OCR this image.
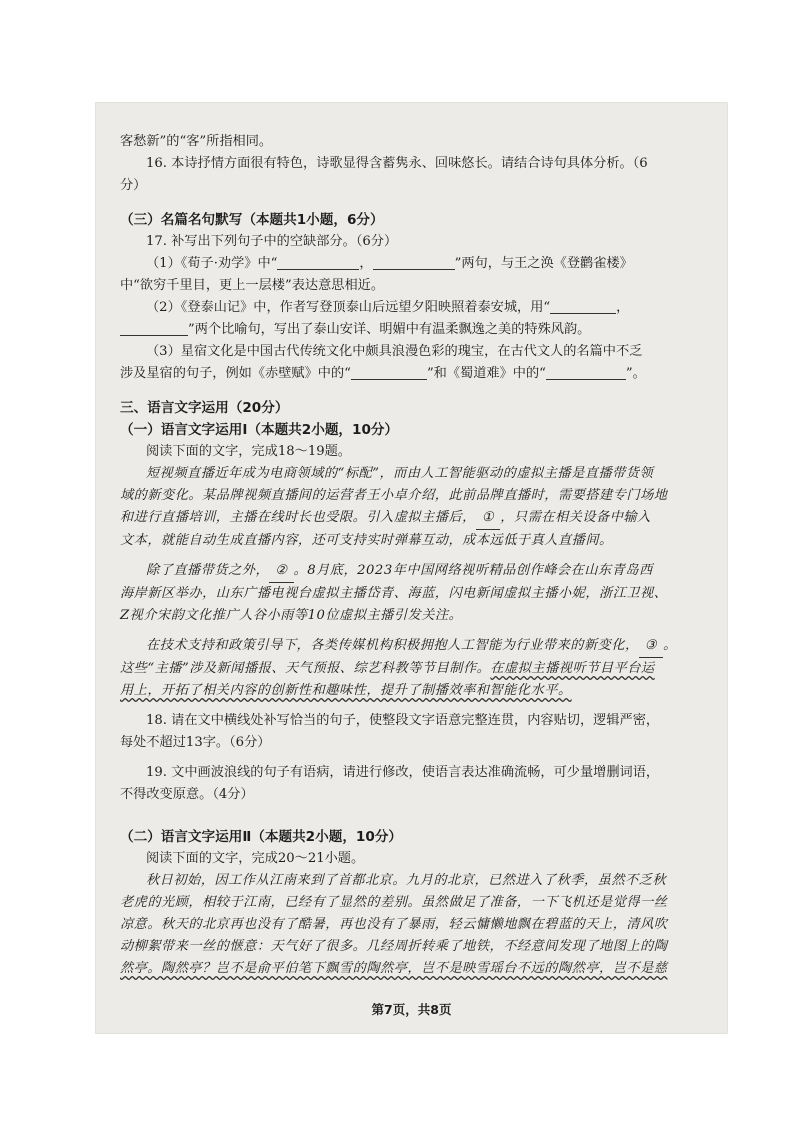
客愁新”的“客”所指相同。

16. 本诗抒情方面很有特色，诗歌显得含蓄隽永、回味悠长。请结合诗句具体分析。（6

分）

（三）名篇名句默写（本题共1小题，6分）

17. 补写出下列句子中的空缺部分。（6分）

（1）《荀子·劝学》中“	，	”两句，与王之涣《登鹳雀楼》

中“欲穷千里目，更上一层楼”表达意思相近。

（2）《登泰山记》中，作者写登顶泰山后远望夕阳映照着泰安城，用“	，

”两个比喻句，写出了泰山安详、明媚中有温柔飘逸之美的特殊风韵。

（3）星宿文化是中国古代传统文化中颇具浪漫色彩的瑰宝，在古代文人的名篇中不乏

涉及星宿的句子，例如《赤壁赋》中的“	”和《蜀道难》中的“	”。

三、语言文字运用（20分）

（一）语言文字运用Ⅰ（本题共2小题，10分）

阅读下面的文字，完成18～19题。

短视频直播近年成为电商领域的“标配”，而由人工智能驱动的虚拟主播是直播带货领

域的新变化。某品牌视频直播间的运营者王小卓介绍，此前品牌直播时，需要搭建专门场地

和进行直播培训，主播在线时长也受限。引入虚拟主播后， ① ，只需在相关设备中输入

文本，就能自动生成直播内容，还可支持实时弹幕互动，成本远低于真人直播间。

除了直播带货之外， ② 。8月底，2023年中国网络视听精品创作峰会在山东青岛西

海岸新区举办，山东广播电视台虚拟主播岱青、海蓝，闪电新闻虚拟主播小妮，浙江卫视、

Z视介宋韵文化推广人谷小雨等10位虚拟主播引发关注。

在技术支持和政策引导下，各类传媒机构积极拥抱人工智能为行业带来的新变化， ③ 。

这些“主播”涉及新闻播报、天气预报、综艺科教等节目制作。在虚拟主播视听节目平台运

用上，开拓了相关内容的创新性和趣味性，提升了制播效率和智能化水平。

18. 请在文中横线处补写恰当的句子，使整段文字语意完整连贯，内容贴切，逻辑严密，

每处不超过13字。（6分）

19. 文中画波浪线的句子有语病，请进行修改，使语言表达准确流畅，可少量增删词语，

不得改变原意。（4分）

（二）语言文字运用Ⅱ（本题共2小题，10分）

阅读下面的文字，完成20～21小题。

秋日初始，因工作从江南来到了首都北京。九月的北京，已然进入了秋季，虽然不乏秋

老虎的光顾，相较于江南，已经有了显然的差别。虽然做足了准备，一下飞机还是觉得一丝

凉意。秋天的北京再也没有了酷暑，再也没有了暴雨，轻云慵懒地飘在碧蓝的天上，清风吹

动柳絮带来一丝的惬意：天气好了很多。几经周折转乘了地铁，不经意间发现了地图上的陶

然亭。陶然亭？岂不是俞平伯笔下飘雪的陶然亭，岂不是映雪瑶台不远的陶然亭，岂不是慈

第7页，共8页
